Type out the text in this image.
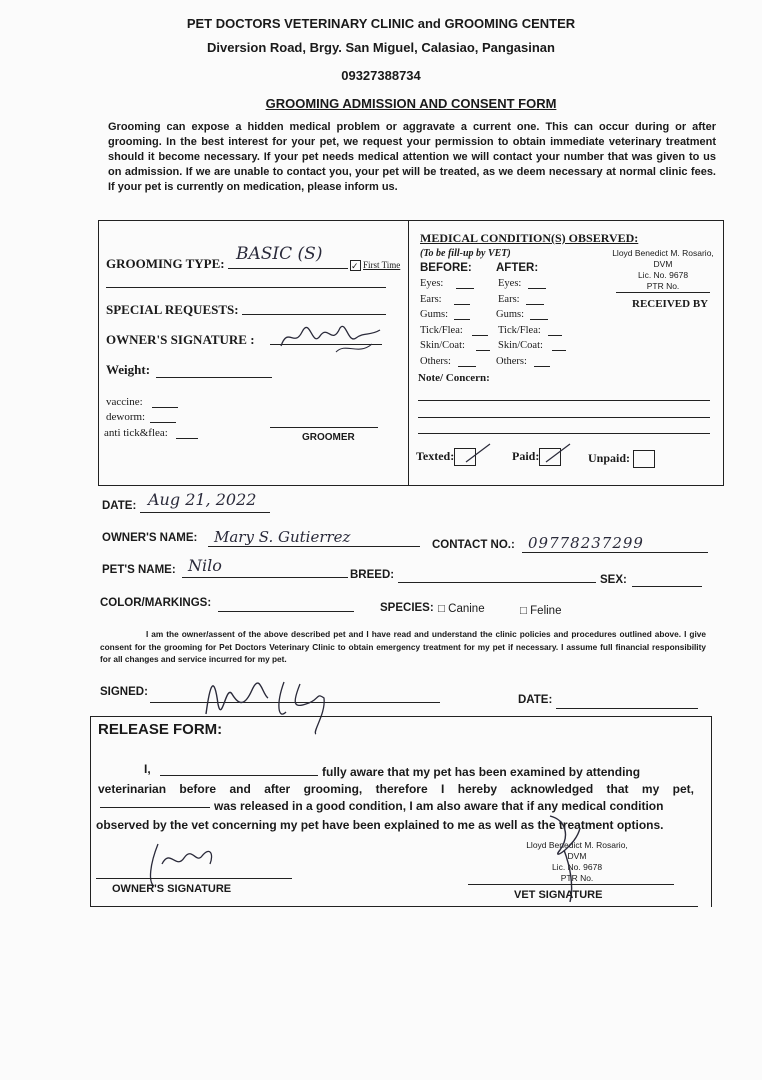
PET DOCTORS VETERINARY CLINIC and GROOMING CENTER
Diversion Road, Brgy. San Miguel, Calasiao, Pangasinan
09327388734
GROOMING ADMISSION AND CONSENT FORM
Grooming can expose a hidden medical problem or aggravate a current one. This can occur during or after grooming. In the best interest for your pet, we request your permission to obtain immediate veterinary treatment should it become necessary. If your pet needs medical attention we will contact your number that was given to us on admission. If we are unable to contact you, your pet will be treated, as we deem necessary at normal clinic fees. If your pet is currently on medication, please inform us.
GROOMING TYPE: BASIC (S)
✓ First Time
SPECIAL REQUESTS:
OWNER'S SIGNATURE :
Weight:
vaccine:
deworm:
anti tick&flea:	GROOMER
MEDICAL CONDITION(S) OBSERVED:
(To be fill-up by VET)
BEFORE: AFTER:
Eyes:	Eyes:
Ears:	Ears:
Gums:	Gums:
Tick/Flea:	Tick/Flea:
Skin/Coat:	Skin/Coat:
Others:	Others:
Note/ Concern:
Lloyd Benedict M. Rosario, DVM
Lic. No. 9678
PTR No.
RECEIVED BY
Texted:	Paid:	Unpaid:
DATE: Aug 21, 2022
OWNER'S NAME: Mary S. Gutierrez	CONTACT NO.: 09778237299
PET'S NAME: Nilo	BREED:	SEX:
COLOR/MARKINGS:	SPECIES: □ Canine	□ Feline
I am the owner/assent of the above described pet and I have read and understand the clinic policies and procedures outlined above. I give consent for the grooming for Pet Doctors Veterinary Clinic to obtain emergency treatment for my pet if necessary. I assume full financial responsibility for all changes and service incurred for my pet.
SIGNED:
DATE:
RELEASE FORM:
I,	fully aware that my pet has been examined by attending
veterinarian before and after grooming, therefore I hereby acknowledged that my pet,
was released in a good condition, I am also aware that if any medical condition
observed by the vet concerning my pet have been explained to me as well as the treatment options.
OWNER'S SIGNATURE
Lloyd Benedict M. Rosario, DVM
Lic. No. 9678
PTR No.
VET SIGNATURE
